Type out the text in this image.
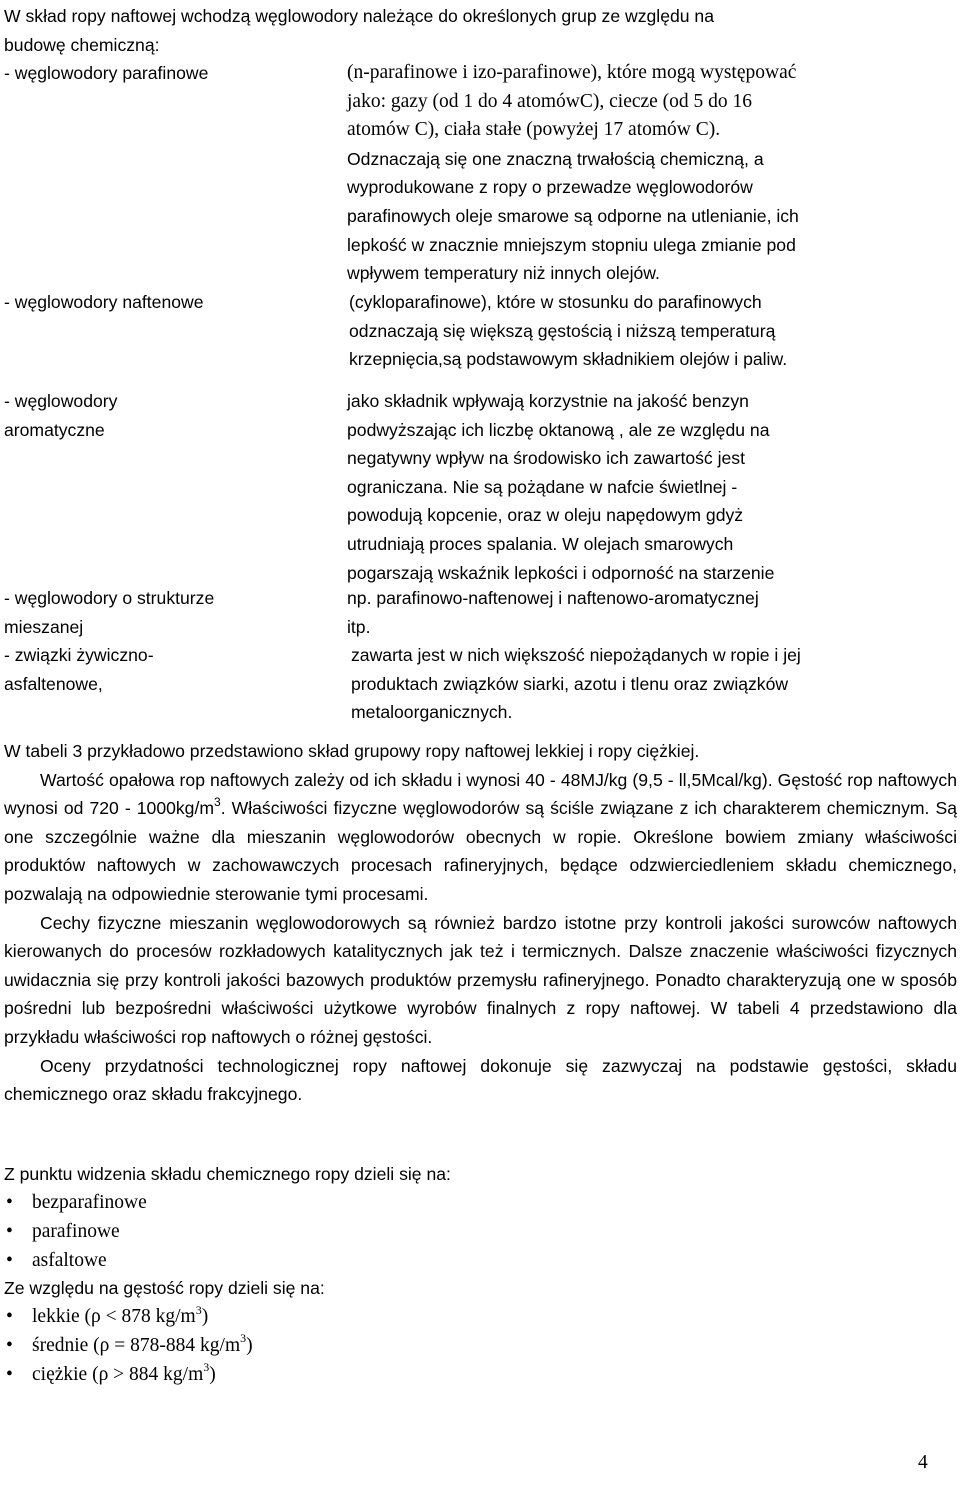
W skład ropy naftowej wchodzą węglowodory należące do określonych grup ze względu na
budowę chemiczną:
- węglowodory parafinowe	(n-parafinowe i izo-parafinowe), które mogą występować
jako: gazy (od 1 do 4 atomówC), ciecze (od 5 do 16
atomów C), ciała stałe (powyżej 17 atomów C).
Odznaczają się one znaczną trwałością chemiczną, a
wyprodukowane z ropy o przewadze węglowodorów
parafinowych oleje smarowe są odporne na utlenianie, ich
lepkość w znacznie mniejszym stopniu ulega zmianie pod
wpływem temperatury niż innych olejów.
- węglowodory naftenowe	(cykloparafinowe), które w stosunku do parafinowych
odznaczają się większą gęstością i niższą temperaturą
krzepnięcia,są podstawowym składnikiem olejów i paliw.
- węglowodory
aromatyczne
jako składnik wpływają korzystnie na jakość benzyn
podwyższając ich liczbę oktanową , ale ze względu na
negatywny wpływ na środowisko ich zawartość jest
ograniczana. Nie są pożądane w nafcie świetlnej -
powodują kopcenie, oraz w oleju napędowym gdyż
utrudniają proces spalania. W olejach smarowych
pogarszają wskaźnik lepkości i odporność na starzenie
- węglowodory o strukturze
mieszanej
np. parafinowo-naftenowej i naftenowo-aromatycznej
itp.
- związki żywiczno-
asfaltenowe,
zawarta jest w nich większość niepożądanych w ropie i jej
produktach związków siarki, azotu i tlenu oraz związków
metaloorganicznych.

W tabeli 3 przykładowo przedstawiono skład grupowy ropy naftowej lekkiej i ropy ciężkiej.

Wartość opałowa rop naftowych zależy od ich składu i wynosi 40 - 48MJ/kg (9,5 - ll,5Mcal/kg). Gęstość rop naftowych wynosi od $720 - 1000kg/m^3$. Właściwości fizyczne węglowodorów są ściśle związane z ich charakterem chemicznym. Są one szczególnie ważne dla mieszanin węglowodorów obecnych w ropie. Określone bowiem zmiany właściwości produktów naftowych w zachowawczych procesach rafineryjnych, będące odzwierciedleniem składu chemicznego, pozwalają na odpowiednie sterowanie tymi procesami.

Cechy fizyczne mieszanin węglowodorowych są również bardzo istotne przy kontroli jakości surowców naftowych kierowanych do procesów rozkładowych katalitycznych jak też i termicznych. Dalsze znaczenie właściwości fizycznych uwidacznia się przy kontroli jakości bazowych produktów przemysłu rafineryjnego. Ponadto charakteryzują one w sposób pośredni lub bezpośredni właściwości użytkowe wyrobów finalnych z ropy naftowej. W tabeli 4 przedstawiono dla przykładu właściwości rop naftowych o różnej gęstości.

Oceny przydatności technologicznej ropy naftowej dokonuje się zazwyczaj na podstawie gęstości, składu chemicznego oraz składu frakcyjnego.

Z punktu widzenia składu chemicznego ropy dzieli się na:
• bezparafinowe
• parafinowe
• asfaltowe
Ze względu na gęstość ropy dzieli się na:
• lekkie (ρ < 878 $kg/m^3$)
• średnie (ρ = 878-884 $kg/m^3$)
• ciężkie (ρ > 884 $kg/m^3$)
4
